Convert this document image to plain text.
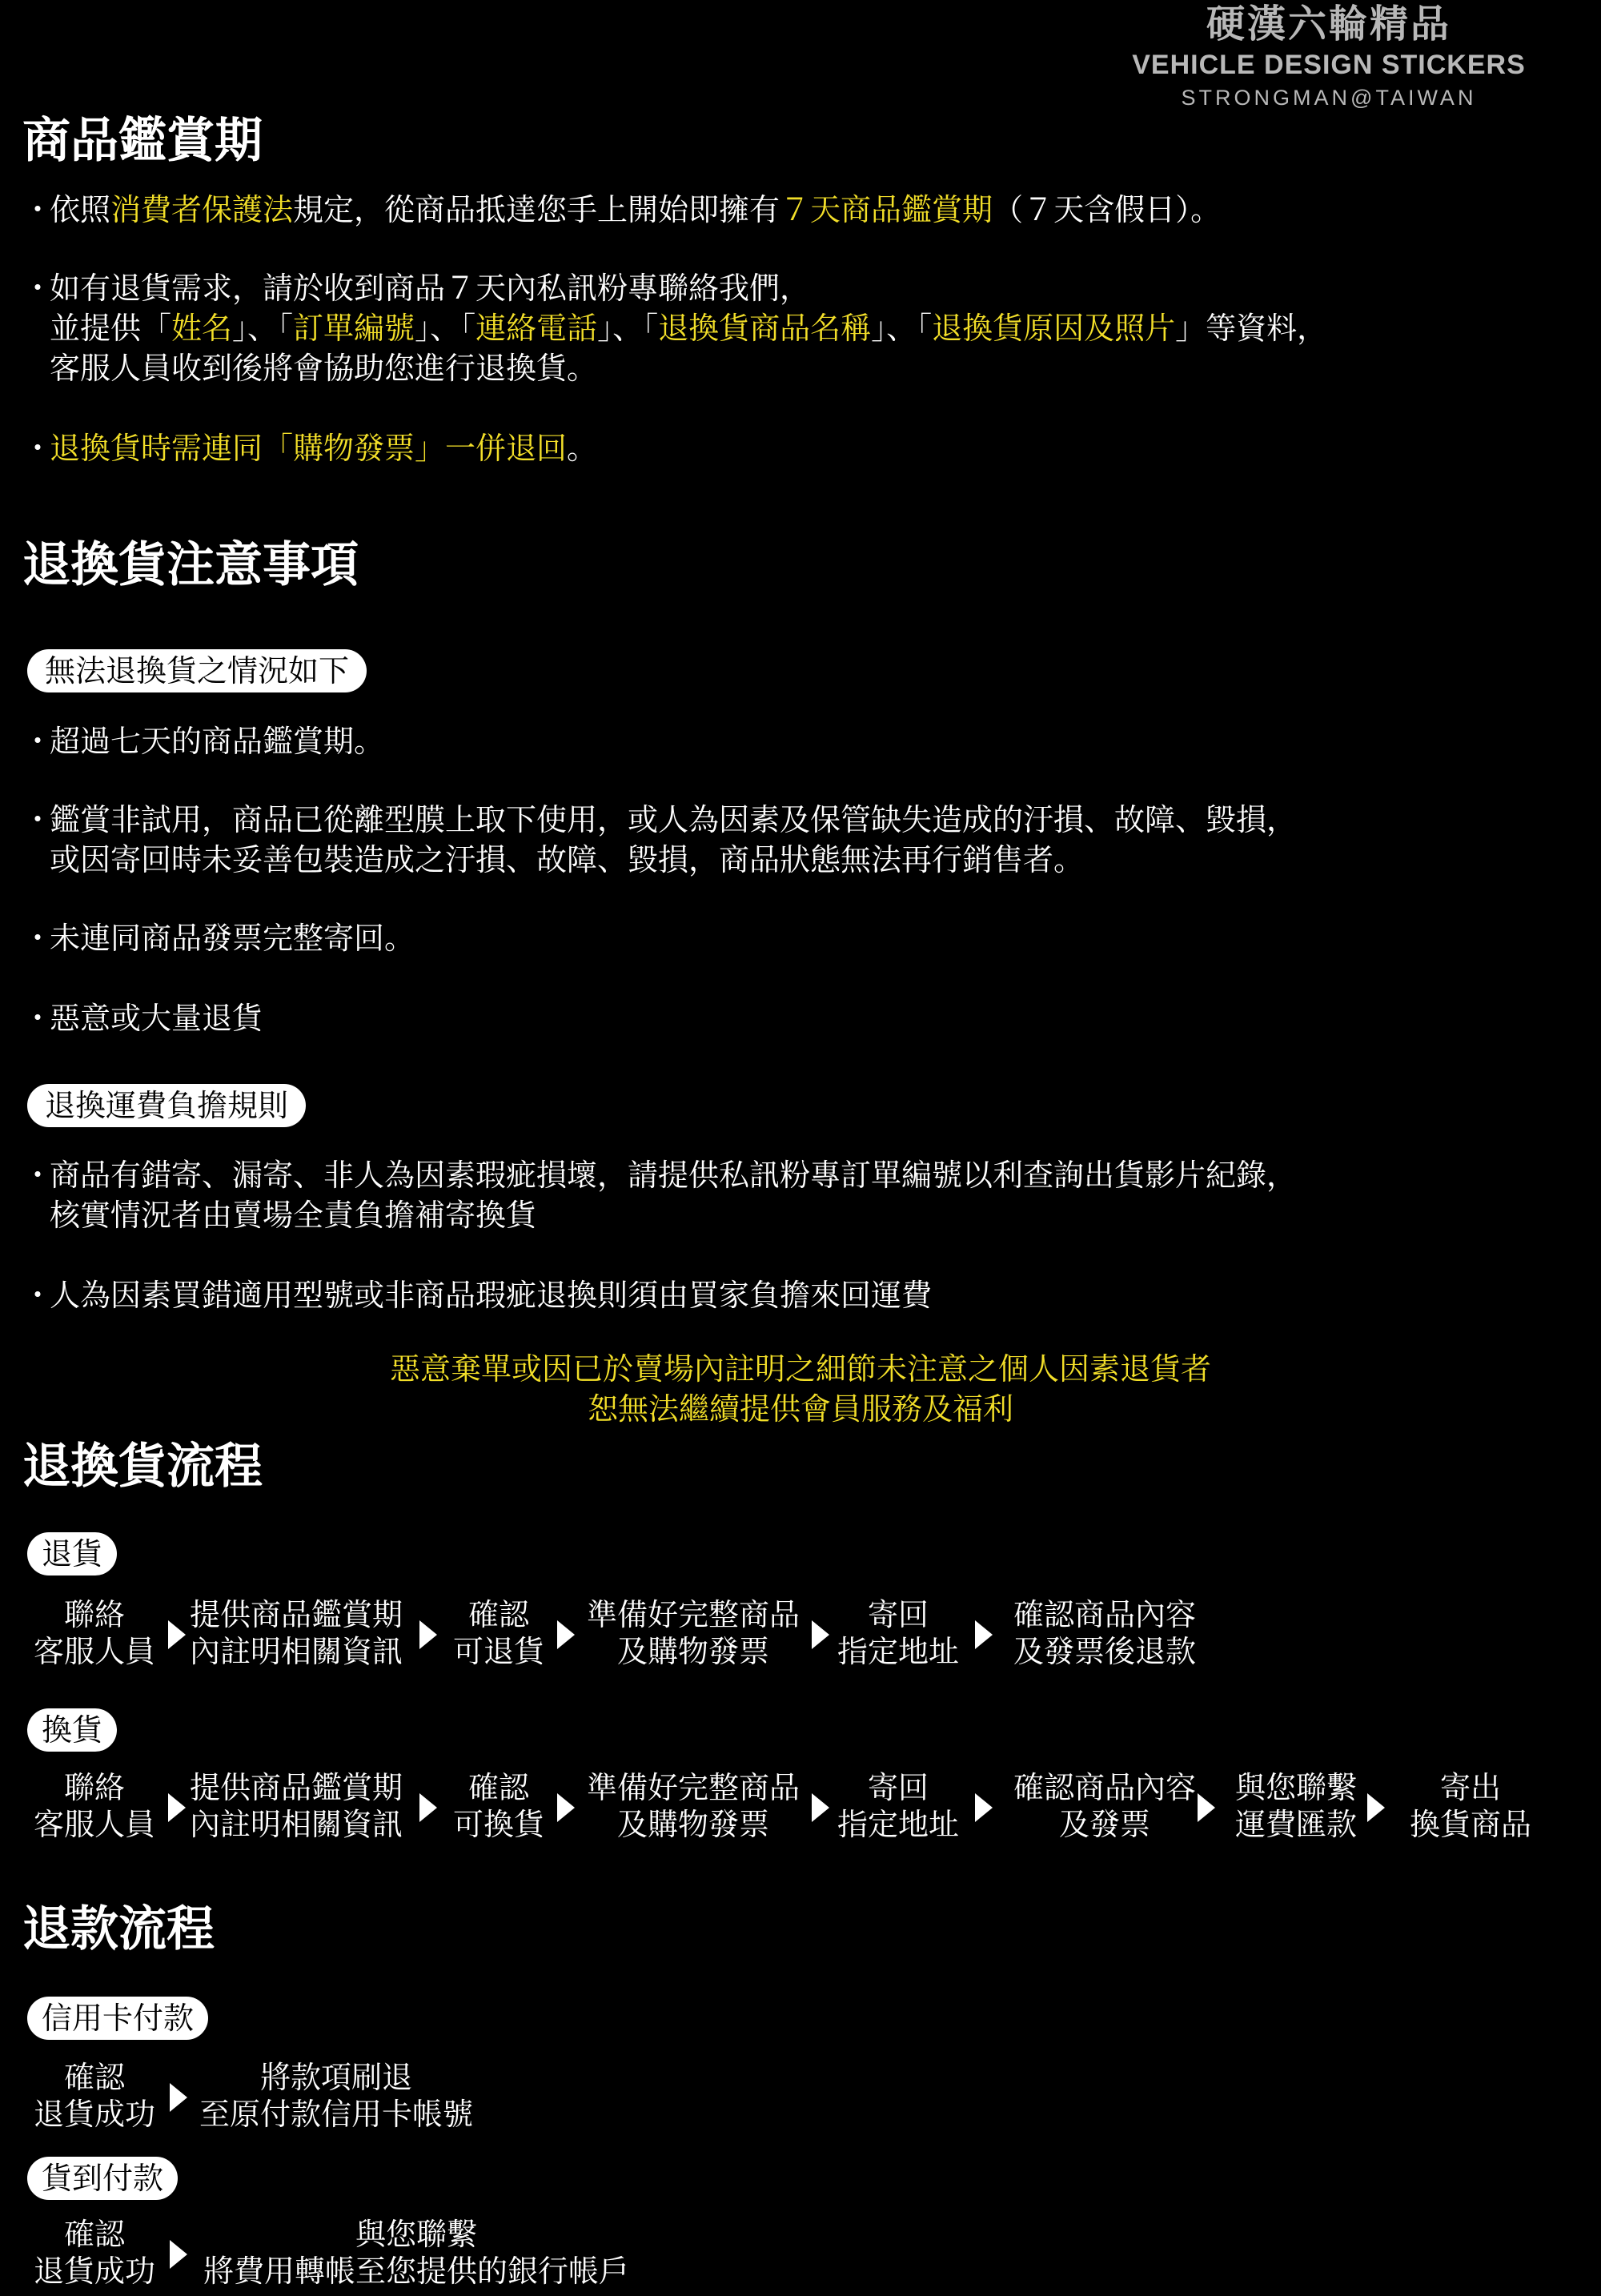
硬漢六輪精品
VEHICLE DESIGN STICKERS
STRONGMAN@TAIWAN
商品鑑賞期
・依照消費者保護法規定，從商品抵達您手上開始即擁有７天商品鑑賞期（７天含假日）。
・如有退貨需求，請於收到商品７天內私訊粉專聯絡我們，
並提供「姓名」、「訂單編號」、「連絡電話」、「退換貨商品名稱」、「退換貨原因及照片」等資料，
客服人員收到後將會協助您進行退換貨。
・退換貨時需連同「購物發票」一併退回。
退換貨注意事項
無法退換貨之情況如下
・超過七天的商品鑑賞期。
・鑑賞非試用，商品已從離型膜上取下使用，或人為因素及保管缺失造成的汙損、故障、毀損，
或因寄回時未妥善包裝造成之汙損、故障、毀損，商品狀態無法再行銷售者。
・未連同商品發票完整寄回。
・惡意或大量退貨
退換運費負擔規則
・商品有錯寄、漏寄、非人為因素瑕疵損壞，請提供私訊粉專訂單編號以利查詢出貨影片紀錄，
核實情況者由賣場全責負擔補寄換貨
・人為因素買錯適用型號或非商品瑕疵退換則須由買家負擔來回運費
惡意棄單或因已於賣場內註明之細節未注意之個人因素退貨者
恕無法繼續提供會員服務及福利
退換貨流程
退貨
聯絡
客服人員
提供商品鑑賞期
內註明相關資訊
確認
可退貨
準備好完整商品
及購物發票
寄回
指定地址
確認商品內容
及發票後退款
換貨
聯絡
客服人員
提供商品鑑賞期
內註明相關資訊
確認
可換貨
準備好完整商品
及購物發票
寄回
指定地址
確認商品內容
及發票
與您聯繫
運費匯款
寄出
換貨商品
退款流程
信用卡付款
確認
退貨成功
將款項刷退
至原付款信用卡帳號
貨到付款
確認
退貨成功
與您聯繫
將費用轉帳至您提供的銀行帳戶
